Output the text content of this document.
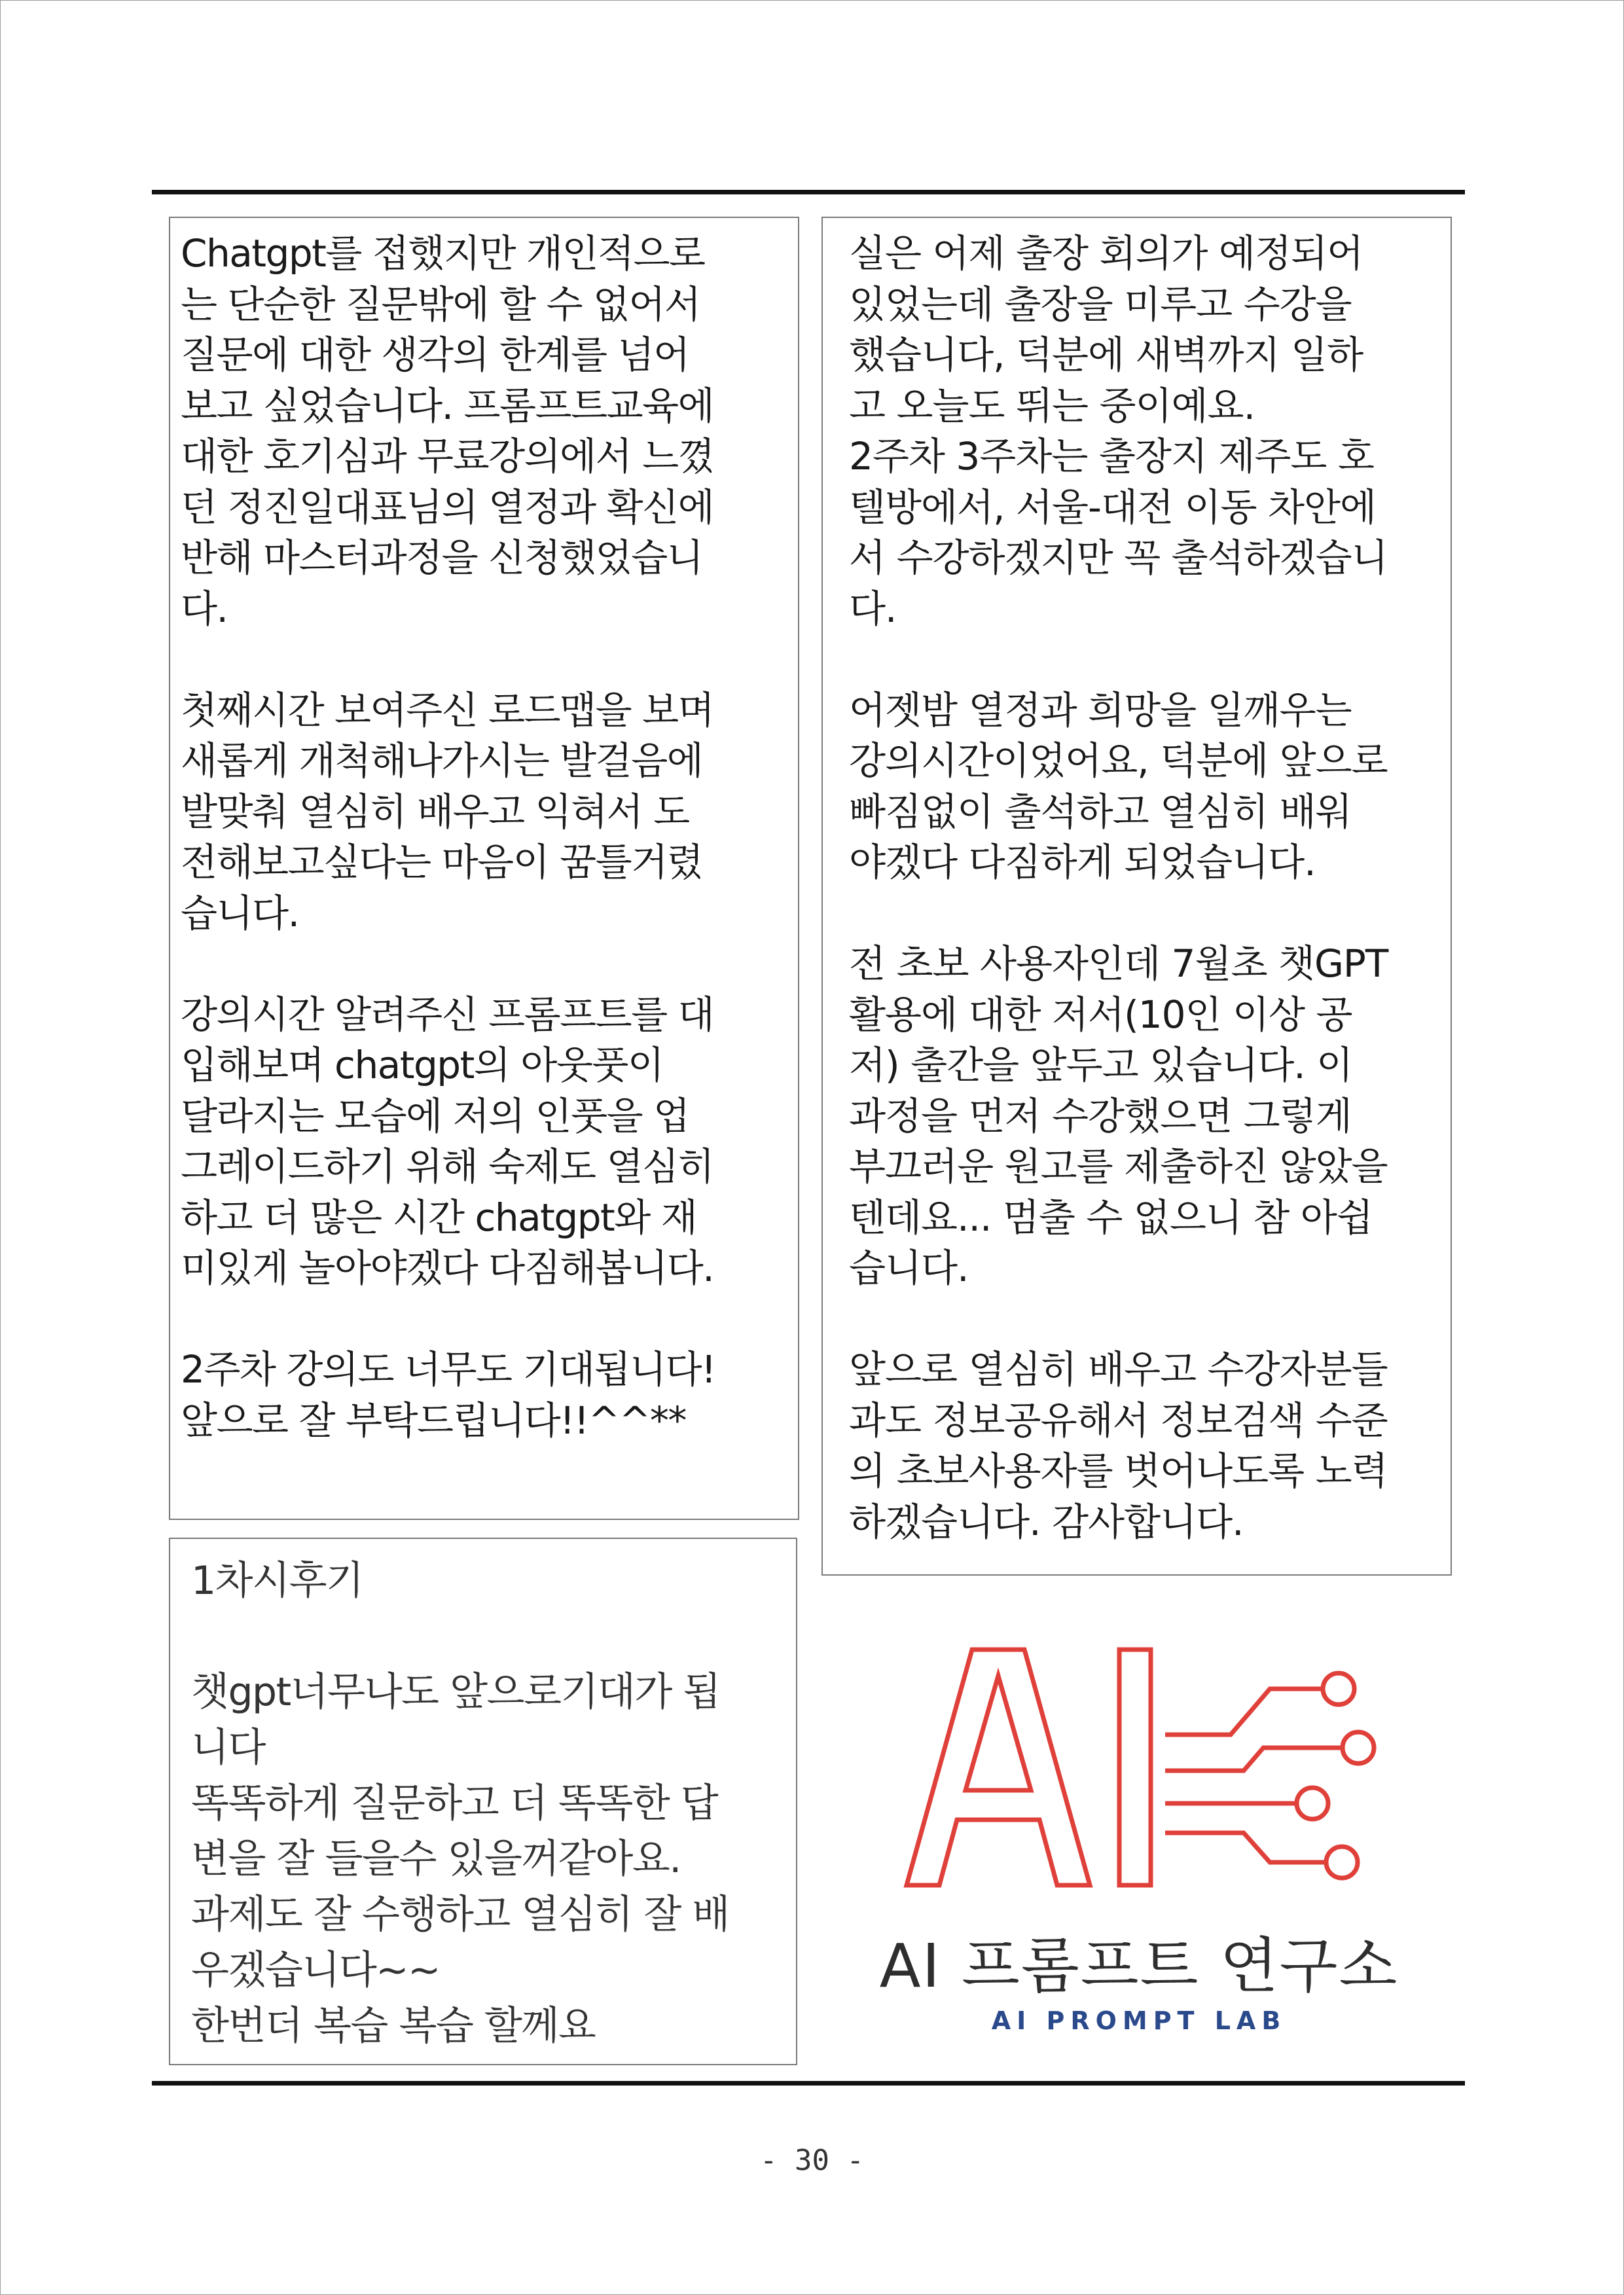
Chatgpt를 접했지만 개인적으로
는 단순한 질문밖에 할 수 없어서
질문에 대한 생각의 한계를 넘어
보고 싶었습니다. 프롬프트교육에
대한 호기심과 무료강의에서 느꼈
던 정진일대표님의 열정과 확신에
반해 마스터과정을 신청했었습니
다.

첫째시간 보여주신 로드맵을 보며
새롭게 개척해나가시는 발걸음에
발맞춰 열심히 배우고 익혀서 도
전해보고싶다는 마음이 꿈틀거렸
습니다.

강의시간 알려주신 프롬프트를 대
입해보며 chatgpt의 아웃풋이
달라지는 모습에 저의 인풋을 업
그레이드하기 위해 숙제도 열심히
하고 더 많은 시간 chatgpt와 재
미있게 놀아야겠다 다짐해봅니다.

2주차 강의도 너무도 기대됩니다!
앞으로 잘 부탁드립니다!!^^**

1차시후기

챗gpt너무나도 앞으로기대가 됩
니다
똑똑하게 질문하고 더 똑똑한 답
변을 잘 들을수 있을꺼같아요.
과제도 잘 수행하고 열심히 잘 배
우겠습니다~~
한번더 복습 복습 할께요

실은 어제 출장 회의가 예정되어
있었는데 출장을 미루고 수강을
했습니다, 덕분에 새벽까지 일하
고 오늘도 뛰는 중이예요.
2주차 3주차는 출장지 제주도 호
텔방에서, 서울-대전 이동 차안에
서 수강하겠지만 꼭 출석하겠습니
다.

어젯밤 열정과 희망을 일깨우는
강의시간이었어요, 덕분에 앞으로
빠짐없이 출석하고 열심히 배워
야겠다 다짐하게 되었습니다.

전 초보 사용자인데 7월초 챗GPT
활용에 대한 저서(10인 이상 공
저) 출간을 앞두고 있습니다. 이
과정을 먼저 수강했으면 그렇게
부끄러운 원고를 제출하진 않았을
텐데요... 멈출 수 없으니 참 아쉽
습니다.

앞으로 열심히 배우고 수강자분들
과도 정보공유해서 정보검색 수준
의 초보사용자를 벗어나도록 노력
하겠습니다. 감사합니다.

AI 프롬프트 연구소
AI PROMPT LAB
- 30 -
